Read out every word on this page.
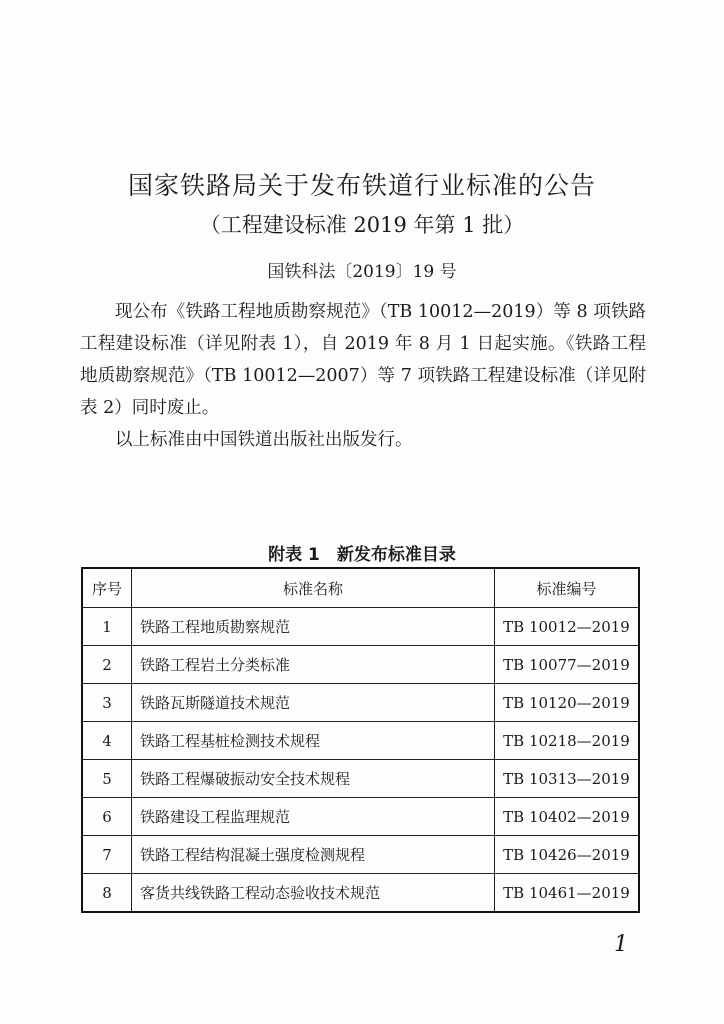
国家铁路局关于发布铁道行业标准的公告
（工程建设标准 2019 年第 1 批）
国铁科法〔2019〕19 号

现公布《铁路工程地质勘察规范》（TB 10012—2019）等 8 项铁路工程建设标准（详见附表 1），自 2019 年 8 月 1 日起实施。《铁路工程地质勘察规范》（TB 10012—2007）等 7 项铁路工程建设标准（详见附表 2）同时废止。

以上标准由中国铁道出版社出版发行。

附表 1　新发布标准目录
序号	标准名称	标准编号
1	铁路工程地质勘察规范	TB 10012—2019
2	铁路工程岩土分类标准	TB 10077—2019
3	铁路瓦斯隧道技术规范	TB 10120—2019
4	铁路工程基桩检测技术规程	TB 10218—2019
5	铁路工程爆破振动安全技术规程	TB 10313—2019
6	铁路建设工程监理规范	TB 10402—2019
7	铁路工程结构混凝土强度检测规程	TB 10426—2019
8	客货共线铁路工程动态验收技术规范	TB 10461—2019
1
